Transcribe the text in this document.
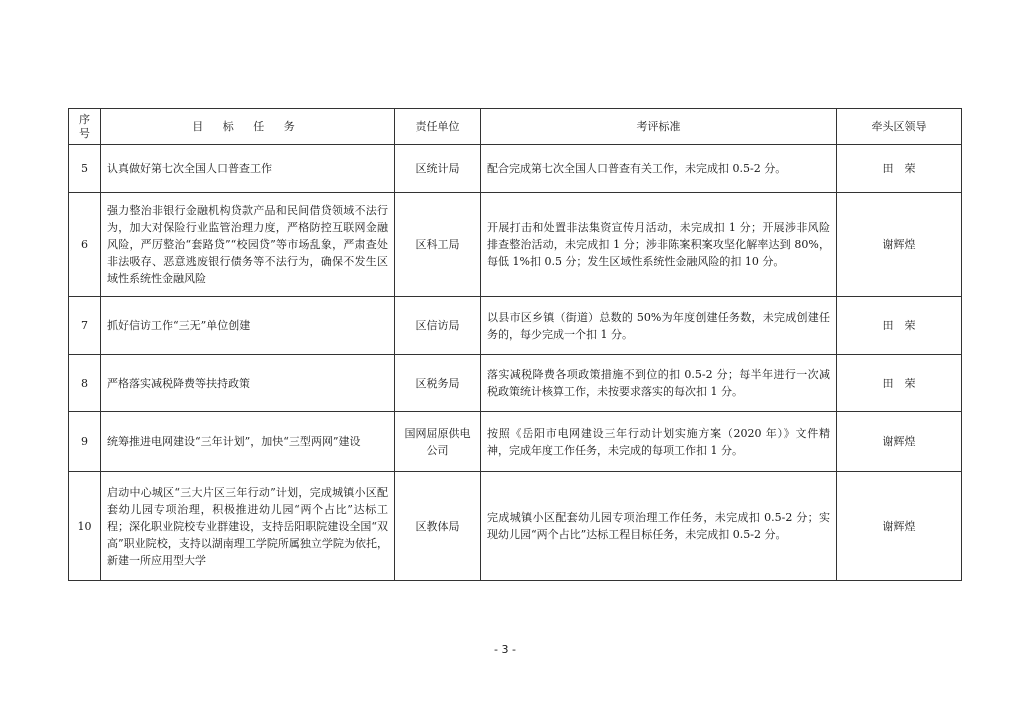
序号	目 标 任 务	责任单位	考评标准	牵头区领导
5	认真做好第七次全国人口普查工作	区统计局	配合完成第七次全国人口普查有关工作，未完成扣 0.5-2 分。	田　荣
6	强力整治非银行金融机构贷款产品和民间借贷领域不法行为，加大对保险行业监管治理力度，严格防控互联网金融风险，严厉整治“套路贷”“校园贷”等市场乱象，严肃查处非法吸存、恶意逃废银行债务等不法行为，确保不发生区域性系统性金融风险	区科工局	开展打击和处置非法集资宣传月活动，未完成扣 1 分；开展涉非风险排查整治活动，未完成扣 1 分；涉非陈案积案攻坚化解率达到 80%，每低 1%扣 0.5 分；发生区域性系统性金融风险的扣 10 分。	谢辉煌
7	抓好信访工作“三无”单位创建	区信访局	以县市区乡镇（街道）总数的 50%为年度创建任务数，未完成创建任务的，每少完成一个扣 1 分。	田　荣
8	严格落实减税降费等扶持政策	区税务局	落实减税降费各项政策措施不到位的扣 0.5-2 分；每半年进行一次减税政策统计核算工作，未按要求落实的每次扣 1 分。	田　荣
9	统筹推进电网建设“三年计划”，加快“三型两网”建设	国网屈原供电公司	按照《岳阳市电网建设三年行动计划实施方案（2020 年）》文件精神，完成年度工作任务，未完成的每项工作扣 1 分。	谢辉煌
10	启动中心城区“三大片区三年行动”计划，完成城镇小区配套幼儿园专项治理，积极推进幼儿园“两个占比”达标工程；深化职业院校专业群建设，支持岳阳职院建设全国“双高”职业院校，支持以湖南理工学院所属独立学院为依托，新建一所应用型大学	区教体局	完成城镇小区配套幼儿园专项治理工作任务，未完成扣 0.5-2 分；实现幼儿园“两个占比”达标工程目标任务，未完成扣 0.5-2 分。	谢辉煌
- 3 -
